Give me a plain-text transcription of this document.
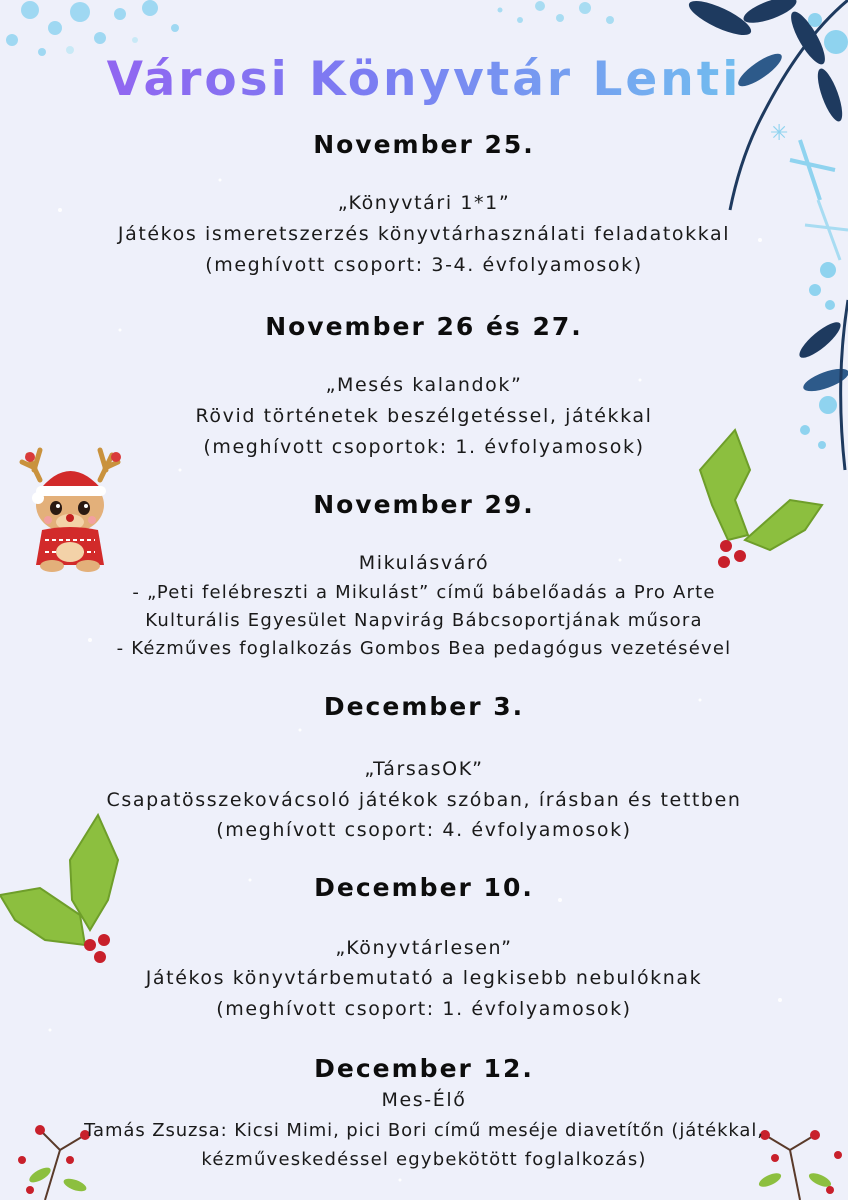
✳
Városi Könyvtár Lenti
November 25.
„Könyvtári 1*1”
Játékos ismeretszerzés könyvtárhasználati feladatokkal
(meghívott csoport: 3-4. évfolyamosok)
November 26 és 27.
„Mesés kalandok”
Rövid történetek beszélgetéssel, játékkal
(meghívott csoportok: 1. évfolyamosok)
November 29.
Mikulásváró
- „Peti felébreszti a Mikulást” című bábelőadás a Pro Arte
Kulturális Egyesület Napvirág Bábcsoportjának műsora
- Kézműves foglalkozás Gombos Bea pedagógus vezetésével
December 3.
„TársasOK”
Csapatösszekovácsoló játékok szóban, írásban és tettben
(meghívott csoport: 4. évfolyamosok)
December 10.
„Könyvtárlesen”
Játékos könyvtárbemutató a legkisebb nebulóknak
(meghívott csoport: 1. évfolyamosok)
December 12.
Mes-Élő
Tamás Zsuzsa: Kicsi Mimi, pici Bori című meséje diavetítőn (játékkal,
kézműveskedéssel egybekötött foglalkozás)
